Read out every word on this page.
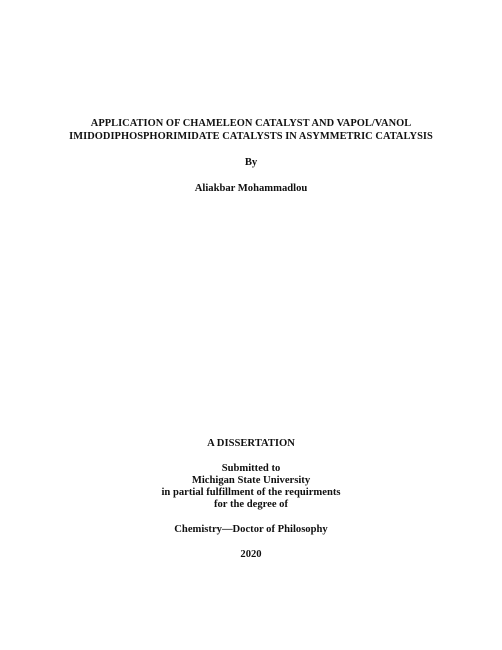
APPLICATION OF CHAMELEON CATALYST AND VAPOL/VANOL
IMIDODIPHOSPHORIMIDATE CATALYSTS IN ASYMMETRIC CATALYSIS
By
Aliakbar Mohammadlou
A DISSERTATION
Submitted to
Michigan State University
in partial fulfillment of the requirments
for the degree of
Chemistry—Doctor of Philosophy
2020
